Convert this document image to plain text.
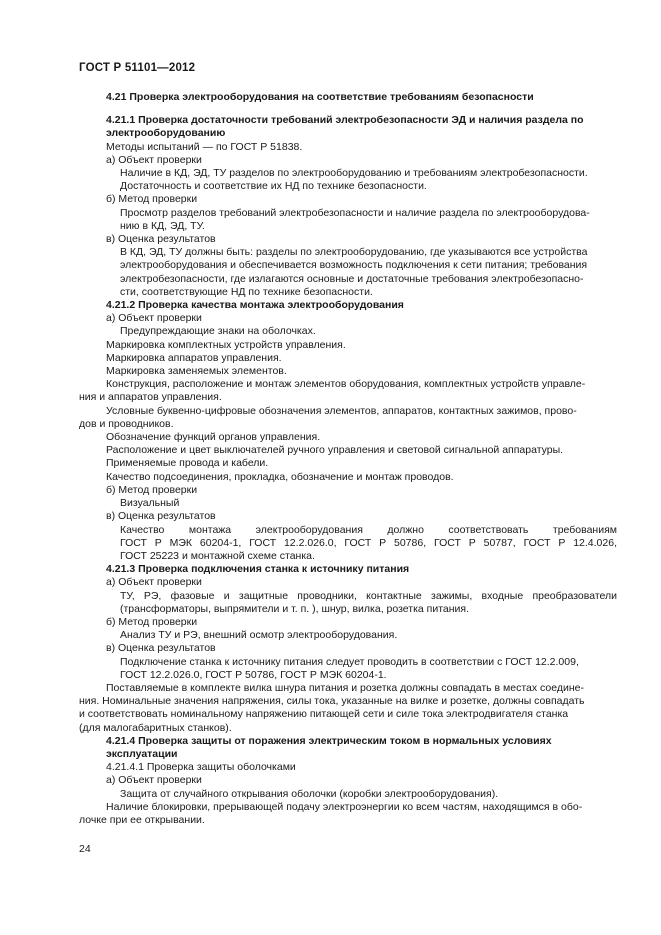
ГОСТ Р 51101—2012

4.21 Проверка электрооборудования на соответствие требованиям безопасности

4.21.1 Проверка достаточности требований электробезопасности ЭД и наличия раздела по

электрооборудованию

Методы испытаний — по ГОСТ Р 51838.

а) Объект проверки

Наличие в КД, ЭД, ТУ разделов по электрооборудованию и требованиям электробезопасности.

Достаточность и соответствие их НД по технике безопасности.

б) Метод проверки

Просмотр разделов требований электробезопасности и наличие раздела по электрооборудова-

нию в КД, ЭД, ТУ.

в) Оценка результатов

В КД, ЭД, ТУ должны быть: разделы по электрооборудованию, где указываются все устройства

электрооборудования и обеспечивается возможность подключения к сети питания; требования

электробезопасности, где излагаются основные и достаточные требования электробезопасно-

сти, соответствующие НД по технике безопасности.

4.21.2 Проверка качества монтажа электрооборудования

а) Объект проверки

Предупреждающие знаки на оболочках.

Маркировка комплектных устройств управления.

Маркировка аппаратов управления.

Маркировка заменяемых элементов.

Конструкция, расположение и монтаж элементов оборудования, комплектных устройств управле-

ния и аппаратов управления.

Условные буквенно-цифровые обозначения элементов, аппаратов, контактных зажимов, прово-

дов и проводников.

Обозначение функций органов управления.

Расположение и цвет выключателей ручного управления и световой сигнальной аппаратуры.

Применяемые провода и кабели.

Качество подсоединения, прокладка, обозначение и монтаж проводов.

б) Метод проверки

Визуальный

в) Оценка результатов

Качество монтажа электрооборудования должно соответствовать требованиям

ГОСТ Р МЭК 60204-1, ГОСТ 12.2.026.0, ГОСТ Р 50786, ГОСТ Р 50787, ГОСТ Р 12.4.026,

ГОСТ 25223 и монтажной схеме станка.

4.21.3 Проверка подключения станка к источнику питания

а) Объект проверки

ТУ, РЭ, фазовые и защитные проводники, контактные зажимы, входные преобразователи

(трансформаторы, выпрямители и т. п. ), шнур, вилка, розетка питания.

б) Метод проверки

Анализ ТУ и РЭ, внешний осмотр электрооборудования.

в) Оценка результатов

Подключение станка к источнику питания следует проводить в соответствии с ГОСТ 12.2.009,

ГОСТ 12.2.026.0, ГОСТ Р 50786, ГОСТ Р МЭК 60204-1.

Поставляемые в комплекте вилка шнура питания и розетка должны совпадать в местах соедине-

ния. Номинальные значения напряжения, силы тока, указанные на вилке и розетке, должны совпадать

и соответствовать номинальному напряжению питающей сети и силе тока электродвигателя станка

(для малогабаритных станков).

4.21.4 Проверка защиты от поражения электрическим током в нормальных условиях

эксплуатации

4.21.4.1 Проверка защиты оболочками

а) Объект проверки

Защита от случайного открывания оболочки (коробки электрооборудования).

Наличие блокировки, прерывающей подачу электроэнергии ко всем частям, находящимся в обо-

лочке при ее открывании.

24
